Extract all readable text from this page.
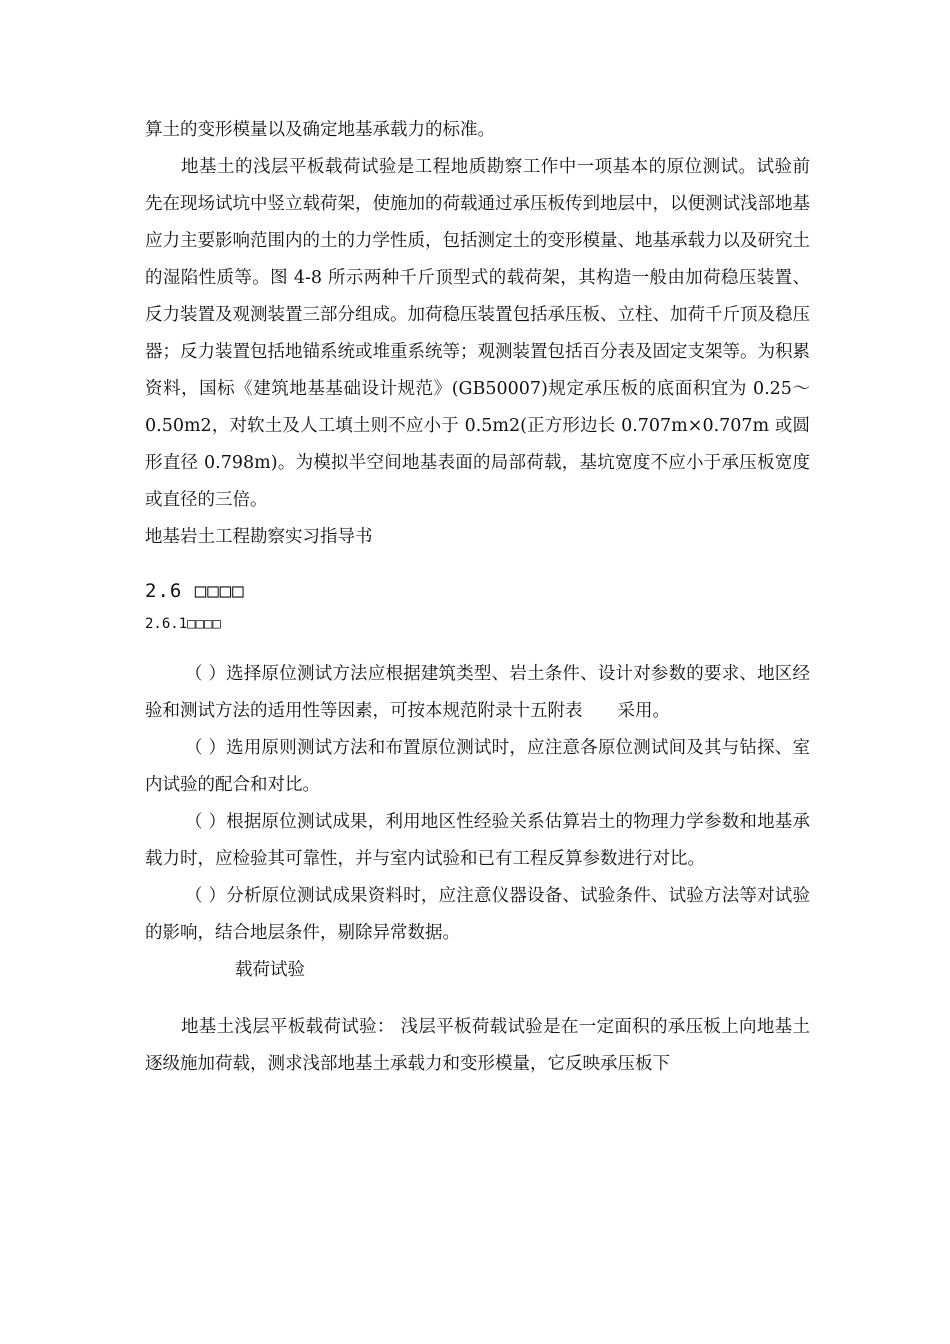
算土的变形模量以及确定地基承载力的标准。

地基土的浅层平板载荷试验是工程地质勘察工作中一项基本的原位测试。试验前先在现场试坑中竖立载荷架，使施加的荷载通过承压板传到地层中，以便测试浅部地基应力主要影响范围内的土的力学性质，包括测定土的变形模量、地基承载力以及研究土的湿陷性质等。图 4-8 所示两种千斤顶型式的载荷架，其构造一般由加荷稳压装置、反力装置及观测装置三部分组成。加荷稳压装置包括承压板、立柱、加荷千斤顶及稳压器；反力装置包括地锚系统或堆重系统等；观测装置包括百分表及固定支架等。为积累资料，国标《建筑地基基础设计规范》(GB50007)规定承压板的底面积宜为 0.25～0.50m2，对软土及人工填土则不应小于 0.5m2(正方形边长 0.707m×0.707m 或圆形直径 0.798m)。为模拟半空间地基表面的局部荷载，基坑宽度不应小于承压板宽度或直径的三倍。

地基岩土工程勘察实习指导书

2.6 □□□□

2.6.1□□□□

（ ）选择原位测试方法应根据建筑类型、岩土条件、设计对参数的要求、地区经验和测试方法的适用性等因素，可按本规范附录十五附表　　采用。

（ ）选用原则测试方法和布置原位测试时，应注意各原位测试间及其与钻探、室内试验的配合和对比。

（ ）根据原位测试成果，利用地区性经验关系估算岩土的物理力学参数和地基承载力时，应检验其可靠性，并与室内试验和已有工程反算参数进行对比。

（ ）分析原位测试成果资料时，应注意仪器设备、试验条件、试验方法等对试验的影响，结合地层条件，剔除异常数据。

载荷试验

地基土浅层平板载荷试验： 浅层平板荷载试验是在一定面积的承压板上向地基土逐级施加荷载，测求浅部地基土承载力和变形模量，它反映承压板下
